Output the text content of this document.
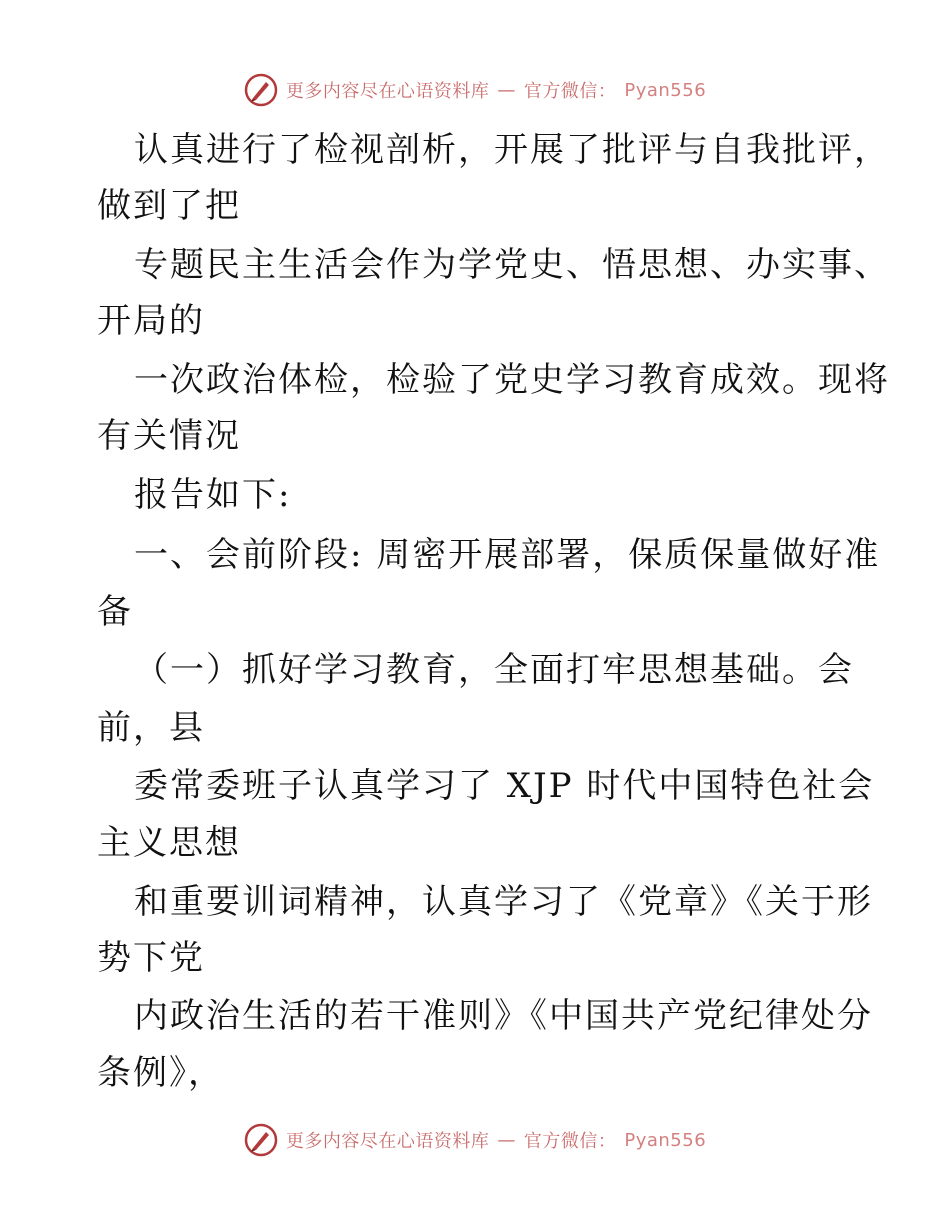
更多内容尽在心语资料库 — 官方微信： Pyan556
认真进行了检视剖析，开展了批评与自我批评，
做到了把
专题民主生活会作为学党史、悟思想、办实事、
开局的
一次政治体检，检验了党史学习教育成效。现将
有关情况
报告如下:
一、会前阶段: 周密开展部署，保质保量做好准
备
（一）抓好学习教育，全面打牢思想基础。会
前，县
委常委班子认真学习了 XJP 时代中国特色社会
主义思想
和重要训词精神，认真学习了《党章》《关于形
势下党
内政治生活的若干准则》《中国共产党纪律处分
条例》，
更多内容尽在心语资料库 — 官方微信： Pyan556
